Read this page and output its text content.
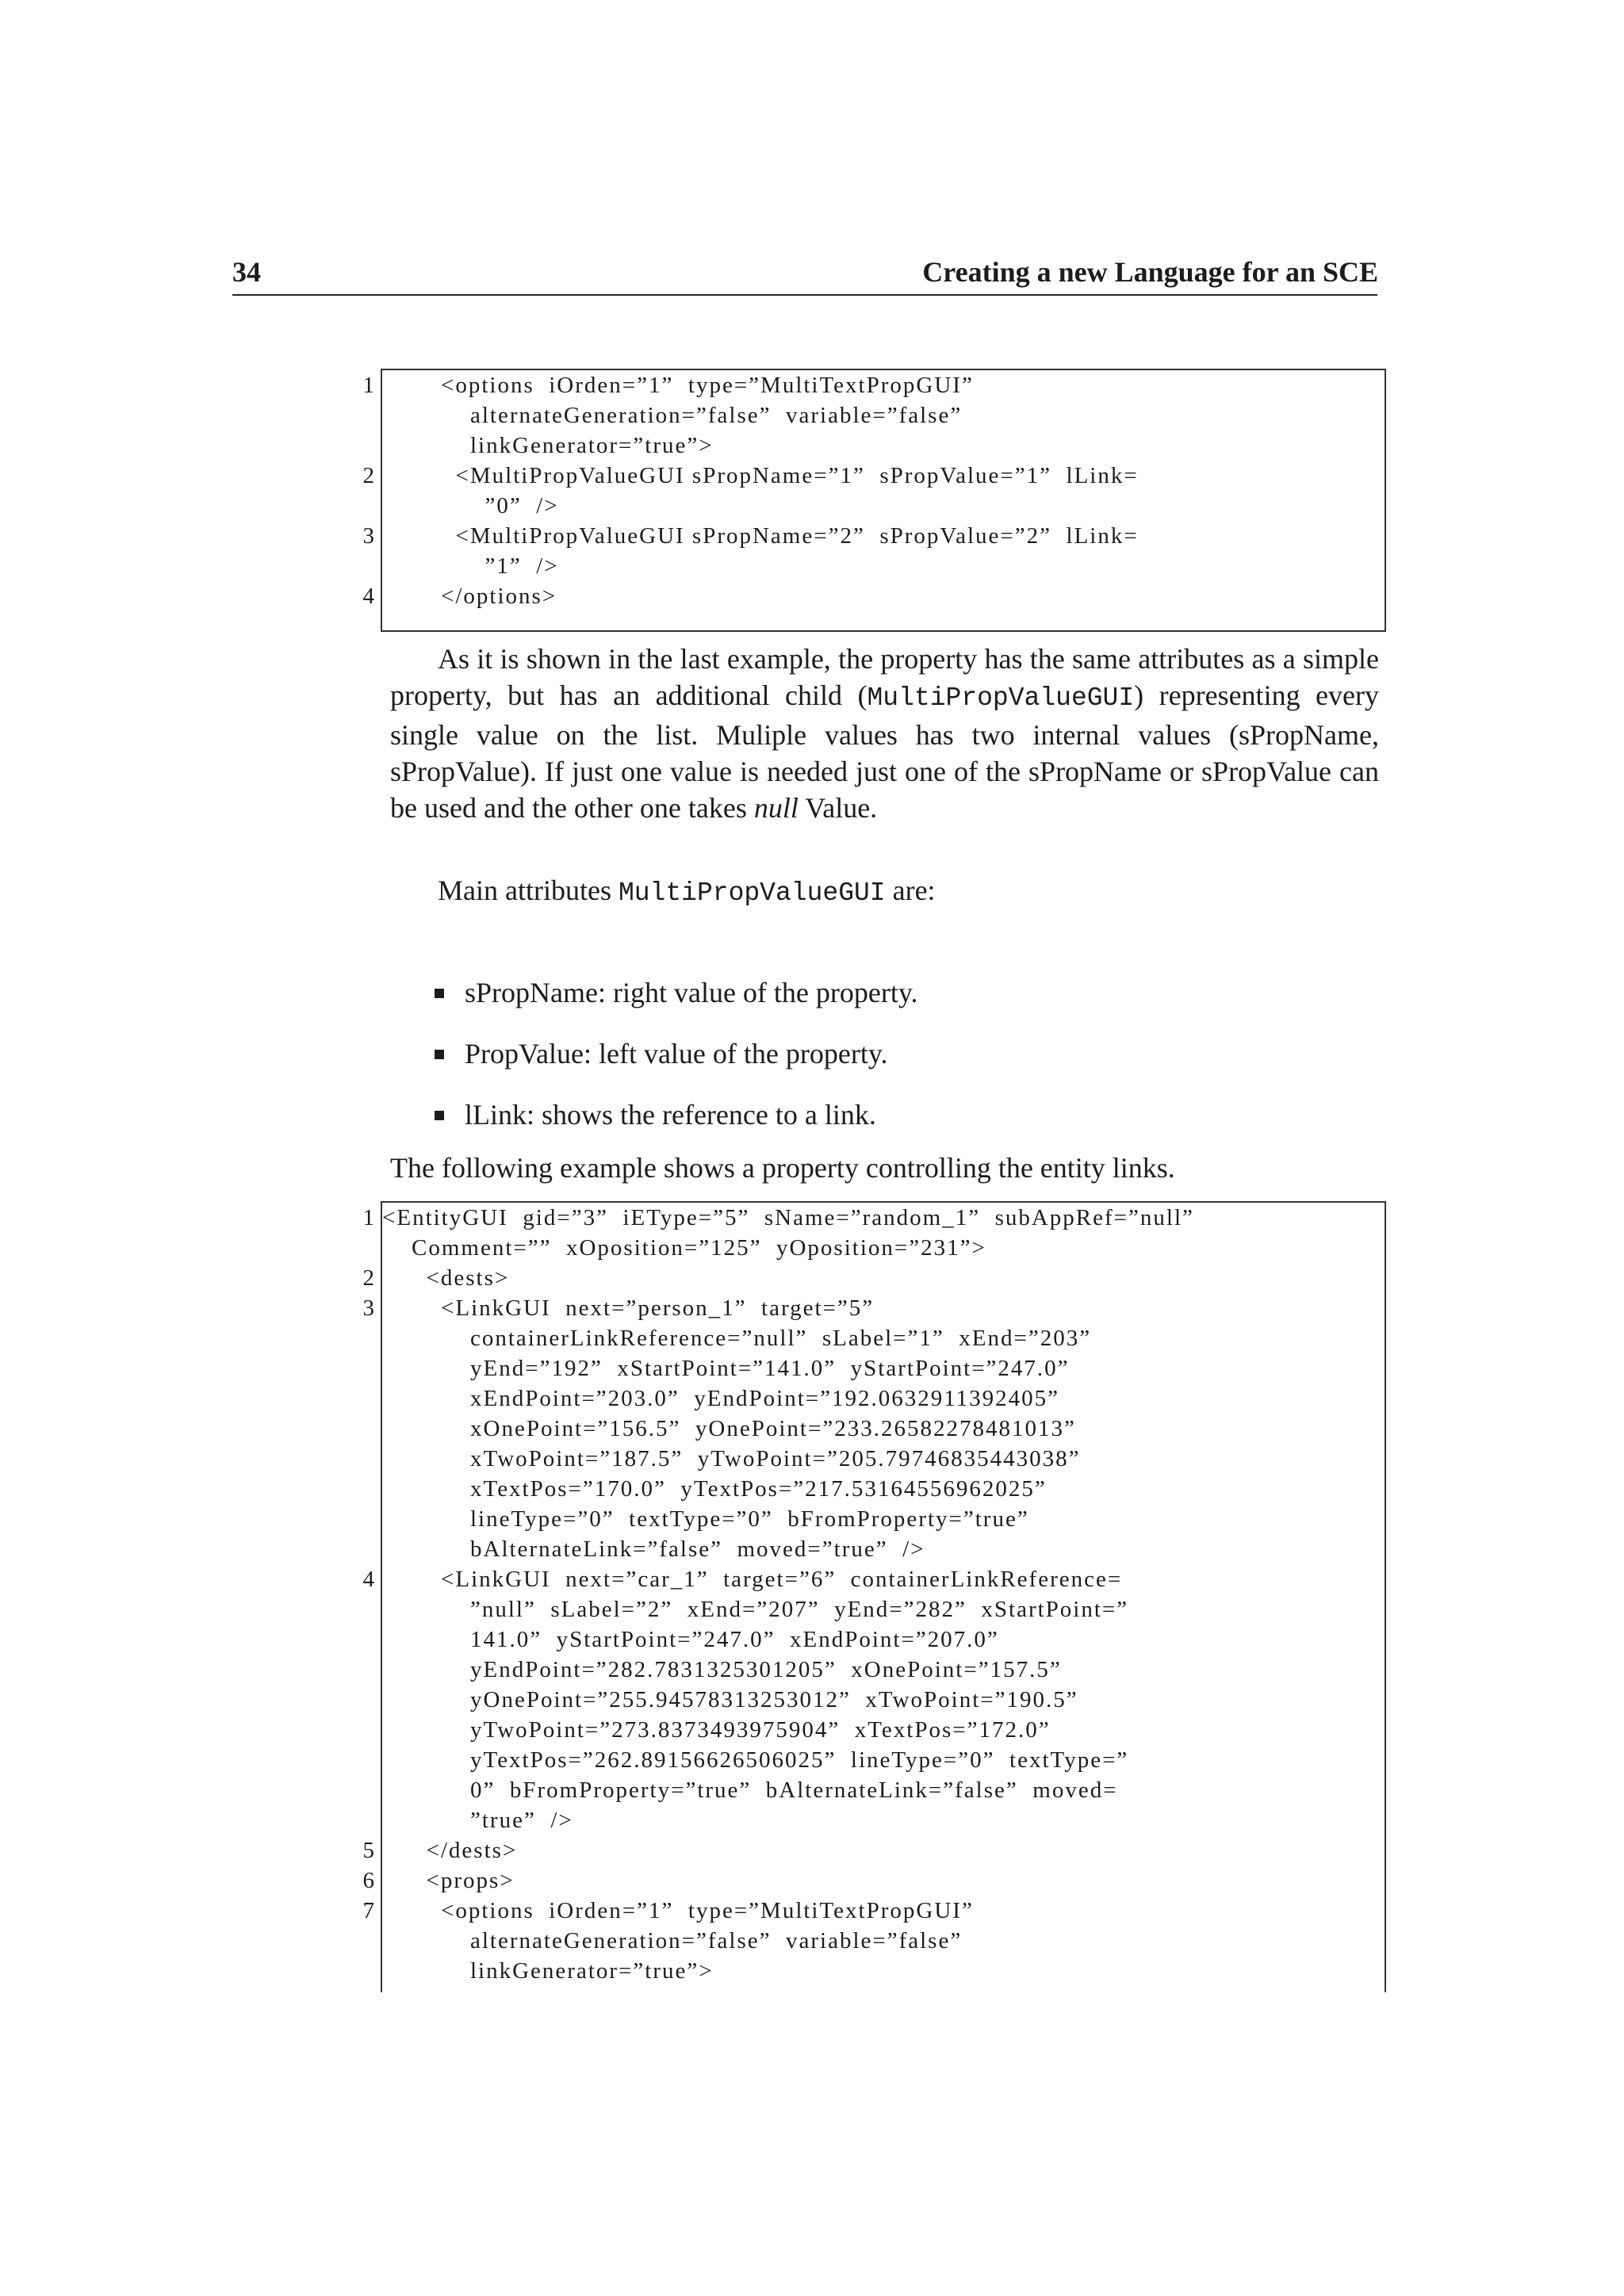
34	Creating a new Language for an SCE
1	<options  iOrden=”1”  type=”MultiTextPropGUI”
alternateGeneration=”false”  variable=”false”
linkGenerator=”true”>
2	<MultiPropValueGUI sPropName=”1”  sPropValue=”1”  lLink=
”0”  />
3	<MultiPropValueGUI sPropName=”2”  sPropValue=”2”  lLink=
”1”  />
4 </options>

As it is shown in the last example, the property has the same attributes as a simple property, but has an additional child (MultiPropValueGUI) representing every single value on the list. Muliple values has two internal values (sPropName, sPropValue). If just one value is needed just one of the sPropName or sPropValue can be used and the other one takes null Value.

Main attributes MultiPropValueGUI are:

sPropName: right value of the property.
PropValue: left value of the property.
lLink: shows the reference to a link.

The following example shows a property controlling the entity links.

1 <EntityGUI  gid=”3”  iEType=”5”  sName=”random_1”  subAppRef=”null”
Comment=””  xOposition=”125”  yOposition=”231”>
2 <dests>
3	<LinkGUI  next=”person_1”  target=”5”
containerLinkReference=”null”  sLabel=”1”  xEnd=”203”
yEnd=”192”  xStartPoint=”141.0”  yStartPoint=”247.0”
xEndPoint=”203.0”  yEndPoint=”192.0632911392405”
xOnePoint=”156.5”  yOnePoint=”233.26582278481013”
xTwoPoint=”187.5”  yTwoPoint=”205.79746835443038”
xTextPos=”170.0”  yTextPos=”217.53164556962025”
lineType=”0”  textType=”0”  bFromProperty=”true”
bAlternateLink=”false”  moved=”true”  />
4	<LinkGUI  next=”car_1”  target=”6”  containerLinkReference=
”null”  sLabel=”2”  xEnd=”207”  yEnd=”282”  xStartPoint=”
141.0”  yStartPoint=”247.0”  xEndPoint=”207.0”
yEndPoint=”282.7831325301205”  xOnePoint=”157.5”
yOnePoint=”255.94578313253012”  xTwoPoint=”190.5”
yTwoPoint=”273.8373493975904”  xTextPos=”172.0”
yTextPos=”262.89156626506025”  lineType=”0”  textType=”
0”  bFromProperty=”true”  bAlternateLink=”false”  moved=
”true”  />
5 </dests>
6 <props>
7	<options  iOrden=”1”  type=”MultiTextPropGUI”
alternateGeneration=”false”  variable=”false”
linkGenerator=”true”>
